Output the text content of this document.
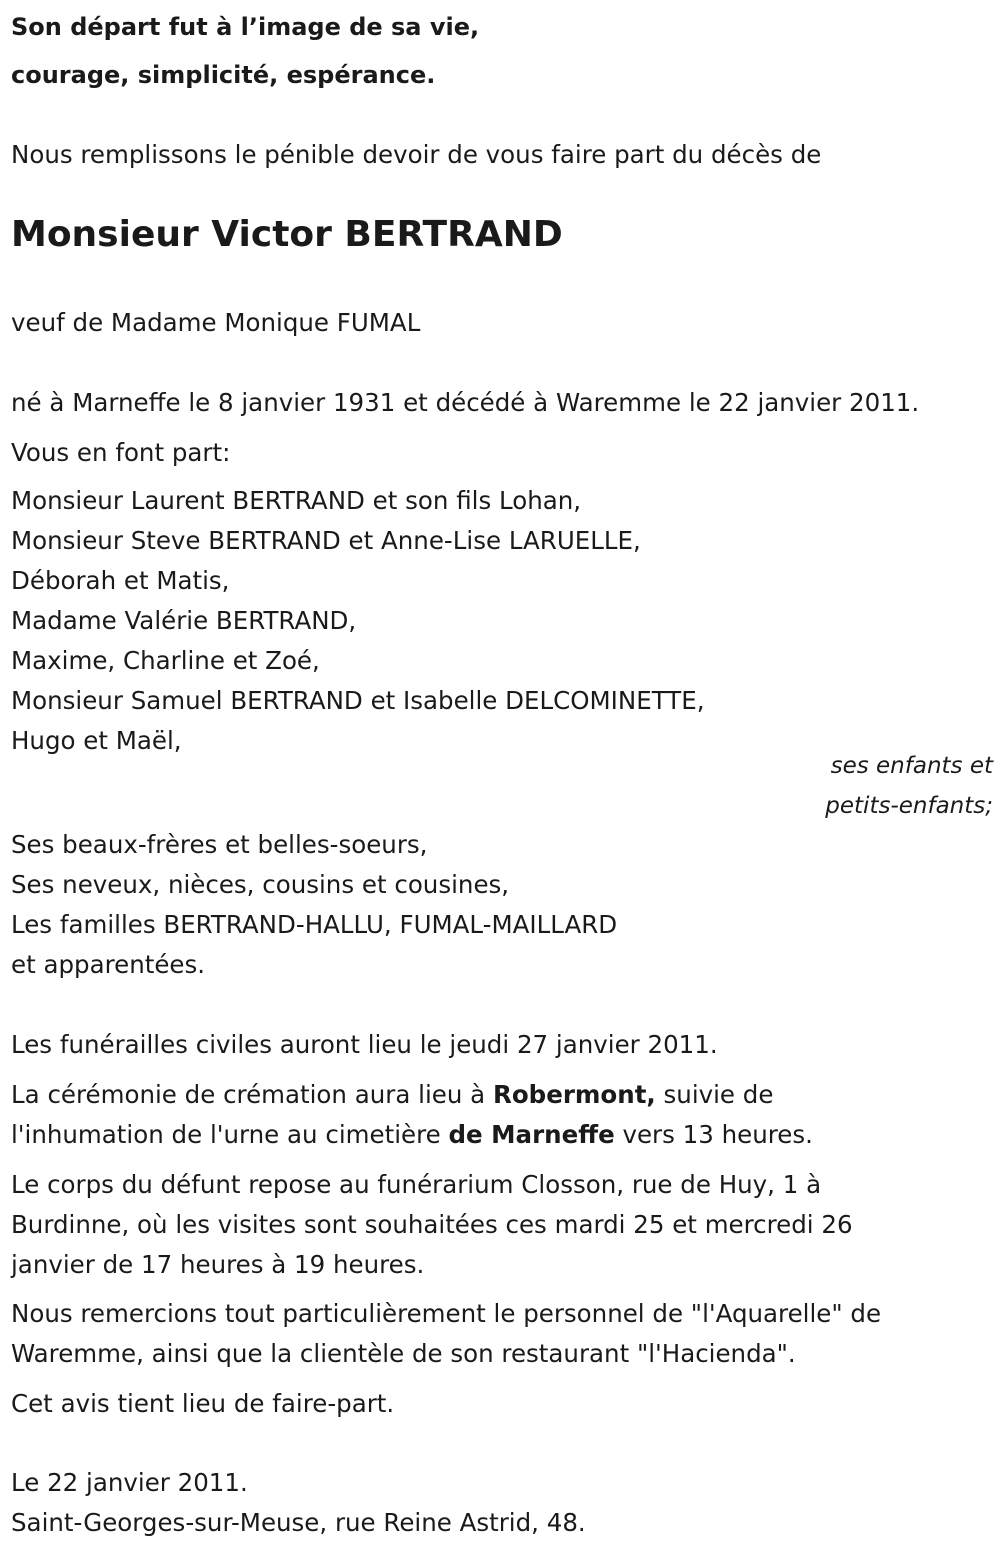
Son départ fut à l’image de sa vie,
courage, simplicité, espérance.
Nous remplissons le pénible devoir de vous faire part du décès de
Monsieur Victor BERTRAND
veuf de Madame Monique FUMAL
né à Marneffe le 8 janvier 1931 et décédé à Waremme le 22 janvier 2011.
Vous en font part:
Monsieur Laurent BERTRAND et son fils Lohan,
Monsieur Steve BERTRAND et Anne-Lise LARUELLE,
Déborah et Matis,
Madame Valérie BERTRAND,
Maxime, Charline et Zoé,
Monsieur Samuel BERTRAND et Isabelle DELCOMINETTE,
Hugo et Maël,
ses enfants et
petits-enfants;
Ses beaux-frères et belles-soeurs,
Ses neveux, nièces, cousins et cousines,
Les familles BERTRAND-HALLU, FUMAL-MAILLARD
et apparentées.
Les funérailles civiles auront lieu le jeudi 27 janvier 2011.
La cérémonie de crémation aura lieu à Robermont, suivie de
l'inhumation de l'urne au cimetière de Marneffe vers 13 heures.
Le corps du défunt repose au funérarium Closson, rue de Huy, 1 à
Burdinne, où les visites sont souhaitées ces mardi 25 et mercredi 26
janvier de 17 heures à 19 heures.
Nous remercions tout particulièrement le personnel de "l'Aquarelle" de
Waremme, ainsi que la clientèle de son restaurant "l'Hacienda".
Cet avis tient lieu de faire-part.
Le 22 janvier 2011.
Saint-Georges-sur-Meuse, rue Reine Astrid, 48.
